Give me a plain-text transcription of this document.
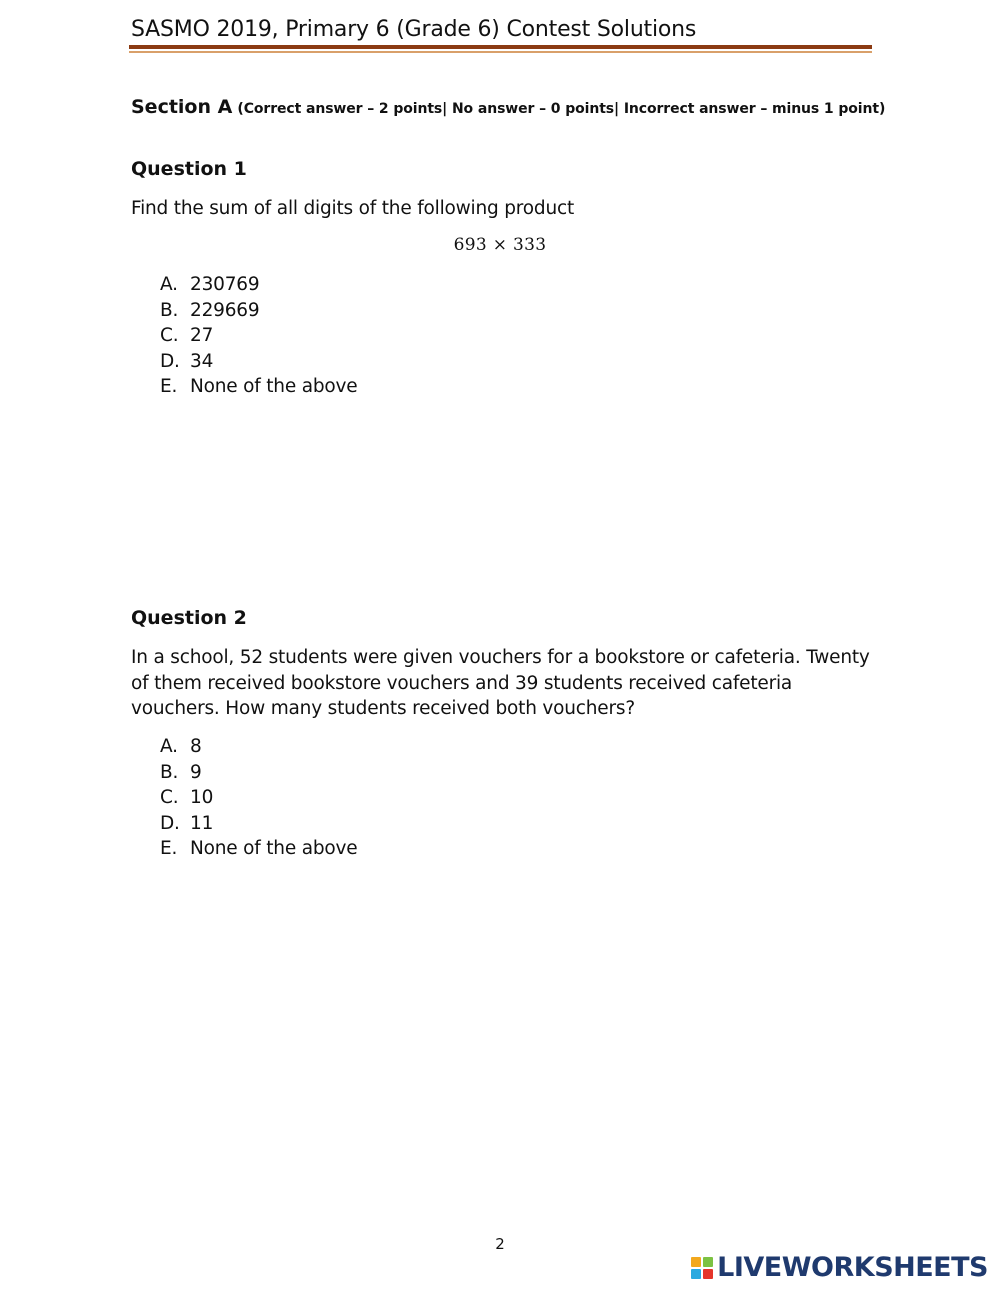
SASMO 2019, Primary 6 (Grade 6) Contest Solutions
Section A (Correct answer – 2 points| No answer – 0 points| Incorrect answer – minus 1 point)
Question 1
Find the sum of all digits of the following product
693 × 333
A. 230769
B. 229669
C. 27
D. 34
E. None of the above
Question 2
In a school, 52 students were given vouchers for a bookstore or cafeteria. Twenty of them received bookstore vouchers and 39 students received cafeteria vouchers. How many students received both vouchers?
A. 8
B. 9
C. 10
D. 11
E. None of the above
2
LIVEWORKSHEETS
